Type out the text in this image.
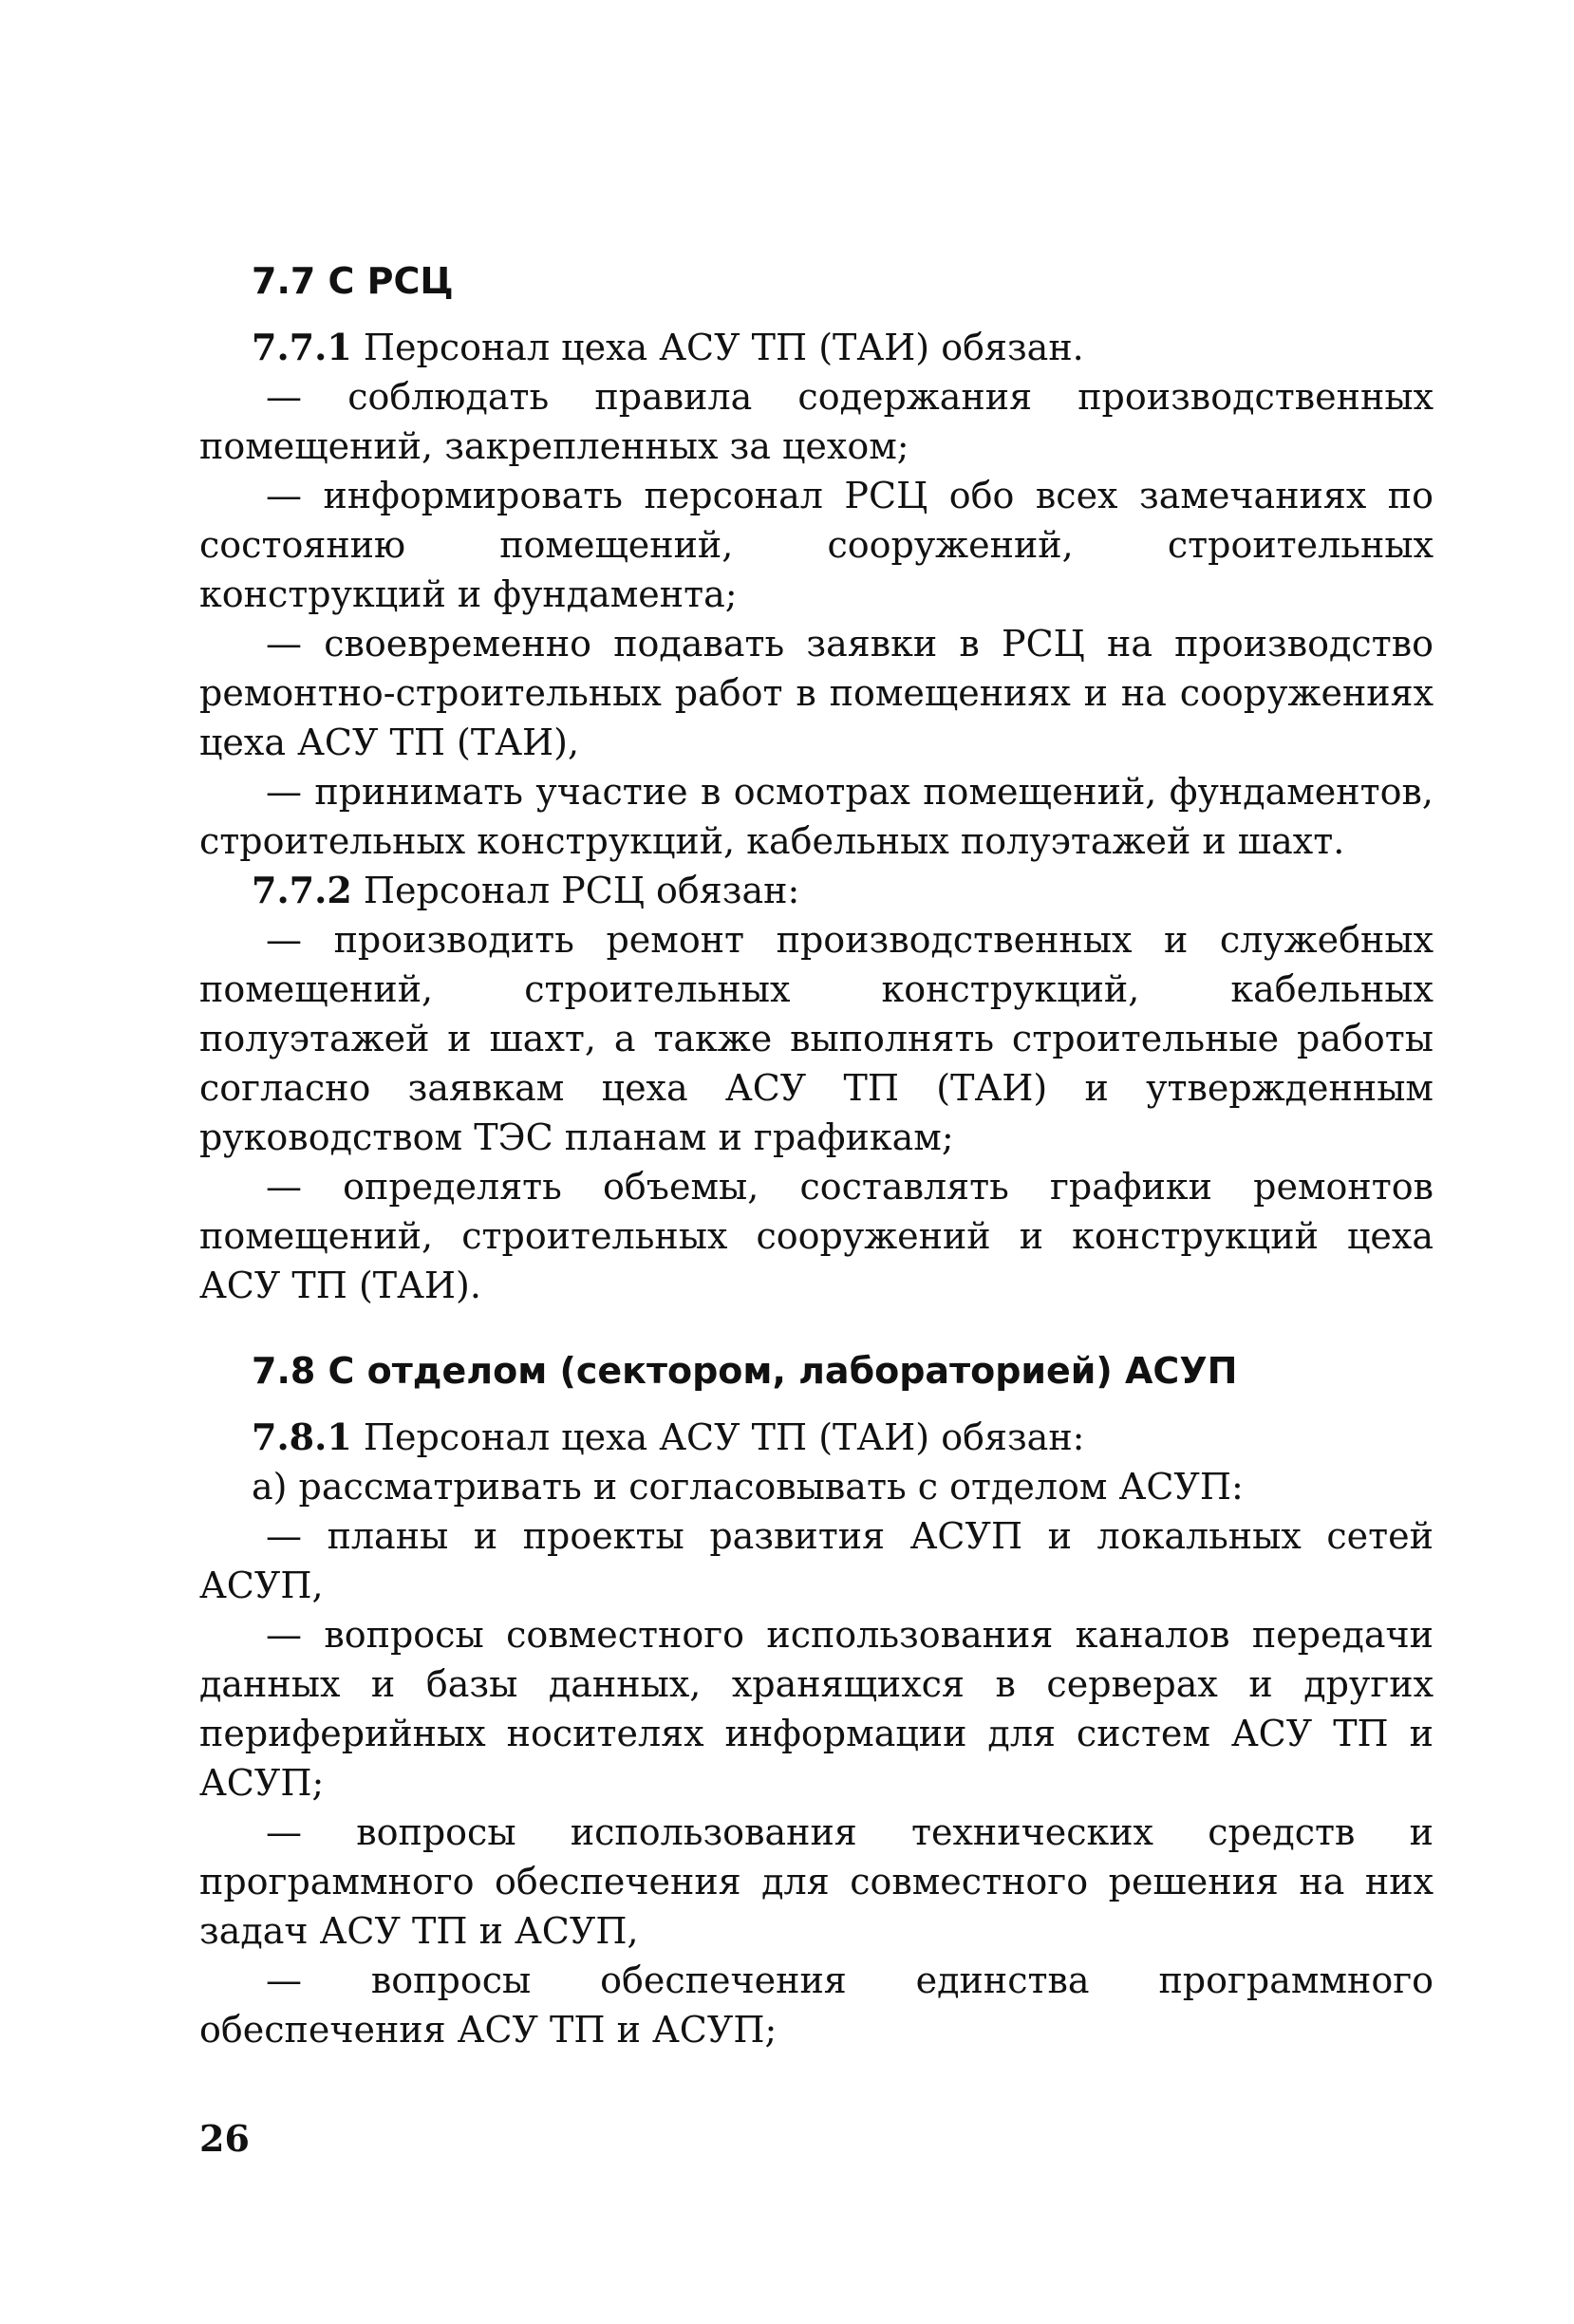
7.7 С РСЦ

7.7.1 Персонал цеха АСУ ТП (ТАИ) обязан.

— соблюдать правила содержания производственных помещений, закрепленных за цехом;

— информировать персонал РСЦ обо всех замечаниях по состоянию помещений, сооружений, строительных конструкций и фундамента;

— своевременно подавать заявки в РСЦ на производство ремонтно-строительных работ в помещениях и на сооружениях цеха АСУ ТП (ТАИ),

— принимать участие в осмотрах помещений, фундаментов, строительных конструкций, кабельных полуэтажей и шахт.

7.7.2 Персонал РСЦ обязан:

— производить ремонт производственных и служебных помещений, строительных конструкций, кабельных полуэтажей и шахт, а также выполнять строительные работы согласно заявкам цеха АСУ ТП (ТАИ) и утвержденным руководством ТЭС планам и графикам;

— определять объемы, составлять графики ремонтов помещений, строительных сооружений и конструкций цеха АСУ ТП (ТАИ).

7.8 С отделом (сектором, лабораторией) АСУП

7.8.1 Персонал цеха АСУ ТП (ТАИ) обязан:

а) рассматривать и согласовывать с отделом АСУП:

— планы и проекты развития АСУП и локальных сетей АСУП,

— вопросы совместного использования каналов передачи данных и базы данных, хранящихся в серверах и других периферийных носителях информации для систем АСУ ТП и АСУП;

— вопросы использования технических средств и программного обеспечения для совместного решения на них задач АСУ ТП и АСУП,

— вопросы обеспечения единства программного обеспечения АСУ ТП и АСУП;

26
